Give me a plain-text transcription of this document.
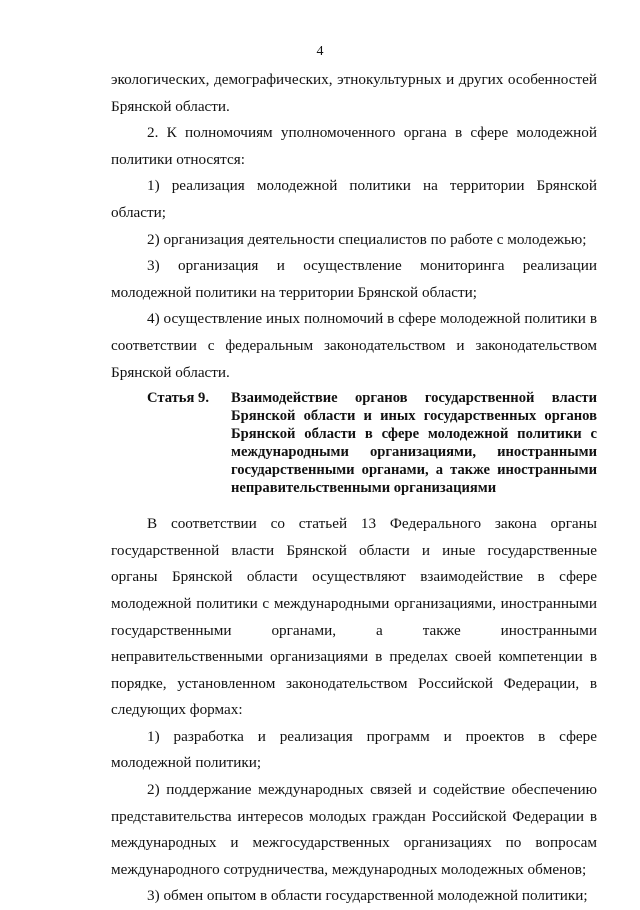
4

экологических, демографических, этнокультурных и других особенностей Брянской области.

2. К полномочиям уполномоченного органа в сфере молодежной политики относятся:

1) реализация молодежной политики на территории Брянской области;

2) организация деятельности специалистов по работе с молодежью;

3) организация и осуществление мониторинга реализации молодежной политики на территории Брянской области;

4) осуществление иных полномочий в сфере молодежной политики в соответствии с федеральным законодательством и законодательством Брянской области.

Статья 9.	Взаимодействие органов государственной власти Брянской области и иных государственных органов Брянской области в сфере молодежной политики с международными организациями, иностранными государственными органами, а также иностранными неправительственными организациями

В соответствии со статьей 13 Федерального закона органы государственной власти Брянской области и иные государственные органы Брянской области осуществляют взаимодействие в сфере молодежной политики с международными организациями, иностранными государственными органами, а также иностранными неправительственными организациями в пределах своей компетенции в порядке, установленном законодательством Российской Федерации, в следующих формах:

1) разработка и реализация программ и проектов в сфере молодежной политики;

2) поддержание международных связей и содействие обеспечению представительства интересов молодых граждан Российской Федерации в международных и межгосударственных организациях по вопросам международного сотрудничества, международных молодежных обменов;

3) обмен опытом в области государственной молодежной политики;
